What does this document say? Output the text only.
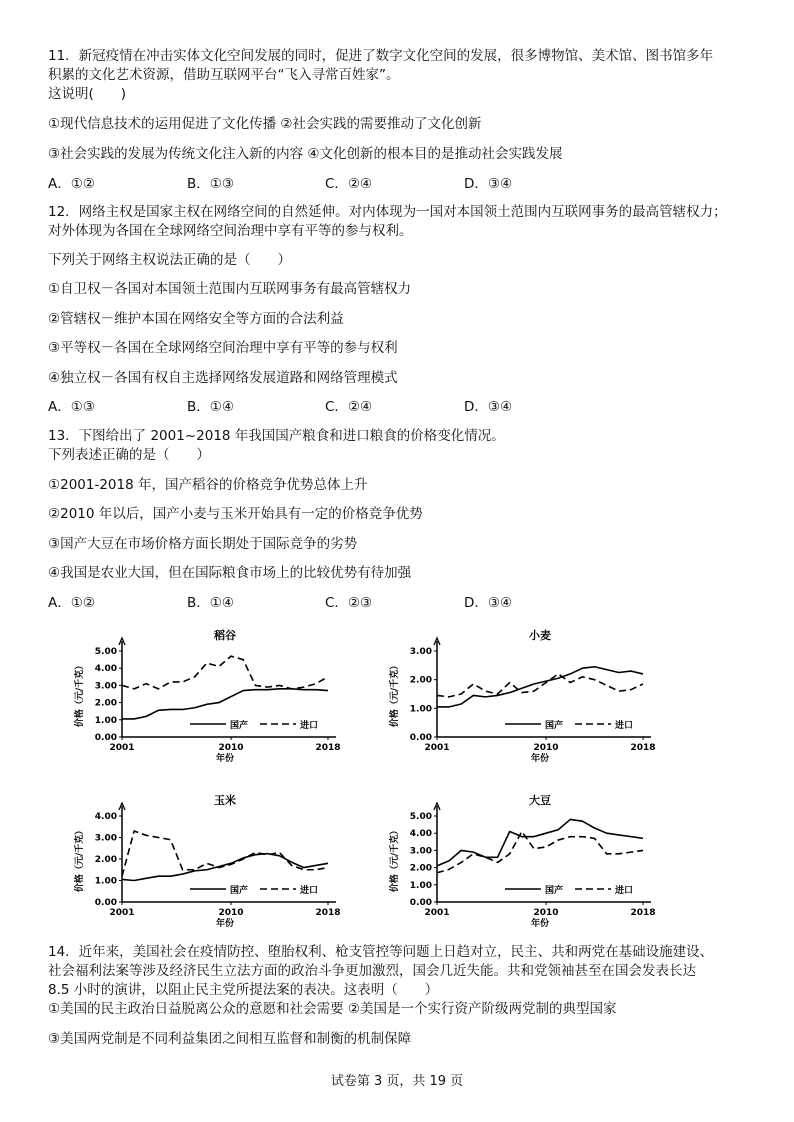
11．新冠疫情在冲击实体文化空间发展的同时，促进了数字文化空间的发展，很多博物馆、美术馆、图书馆多年
积累的文化艺术资源，借助互联网平台“飞入寻常百姓家”。
这说明(　　)
①现代信息技术的运用促进了文化传播 ②社会实践的需要推动了文化创新
③社会实践的发展为传统文化注入新的内容 ④文化创新的根本目的是推动社会实践发展
A．①②	B．①③	C．②④	D．③④
12．网络主权是国家主权在网络空间的自然延伸。对内体现为一国对本国领土范围内互联网事务的最高管辖权力；
对外体现为各国在全球网络空间治理中享有平等的参与权利。
下列关于网络主权说法正确的是（　　）
①自卫权－各国对本国领土范围内互联网事务有最高管辖权力
②管辖权－维护本国在网络安全等方面的合法利益
③平等权－各国在全球网络空间治理中享有平等的参与权利
④独立权－各国有权自主选择网络发展道路和网络管理模式
A．①③	B．①④	C．②④	D．③④
13．下图给出了 2001~2018 年我国国产粮食和进口粮食的价格变化情况。
下列表述正确的是（　　）
①2001-2018 年，国产稻谷的价格竞争优势总体上升
②2010 年以后，国产小麦与玉米开始具有一定的价格竞争优势
③国产大豆在市场价格方面长期处于国际竞争的劣势
④我国是农业大国，但在国际粮食市场上的比较优势有待加强
A．①②	B．①④	C．②③	D．③④
稻谷
0.00
1.00
2.00
3.00
4.00
5.00
2001	2010	2018
年份
价格（元/千克）	国产	进口
小麦
0.00
1.00
2.00
3.00
2001	2010	2018
年份
价格（元/千克）	国产	进口
玉米
0.00
1.00
2.00
3.00
4.00
2001	2010	2018
年份
价格（元/千克）	国产	进口
大豆
0.00
1.00
2.00
3.00
4.00
5.00
2001	2010	2018
年份
价格（元/千克）	国产	进口
14．近年来，美国社会在疫情防控、堕胎权利、枪支管控等问题上日趋对立，民主、共和两党在基础设施建设、
社会福利法案等涉及经济民生立法方面的政治斗争更加激烈，国会几近失能。共和党领袖甚至在国会发表长达
8.5 小时的演讲，以阻止民主党所提法案的表决。这表明（　　）
①美国的民主政治日益脱离公众的意愿和社会需要 ②美国是一个实行资产阶级两党制的典型国家
③美国两党制是不同利益集团之间相互监督和制衡的机制保障
试卷第 3 页，共 19 页
